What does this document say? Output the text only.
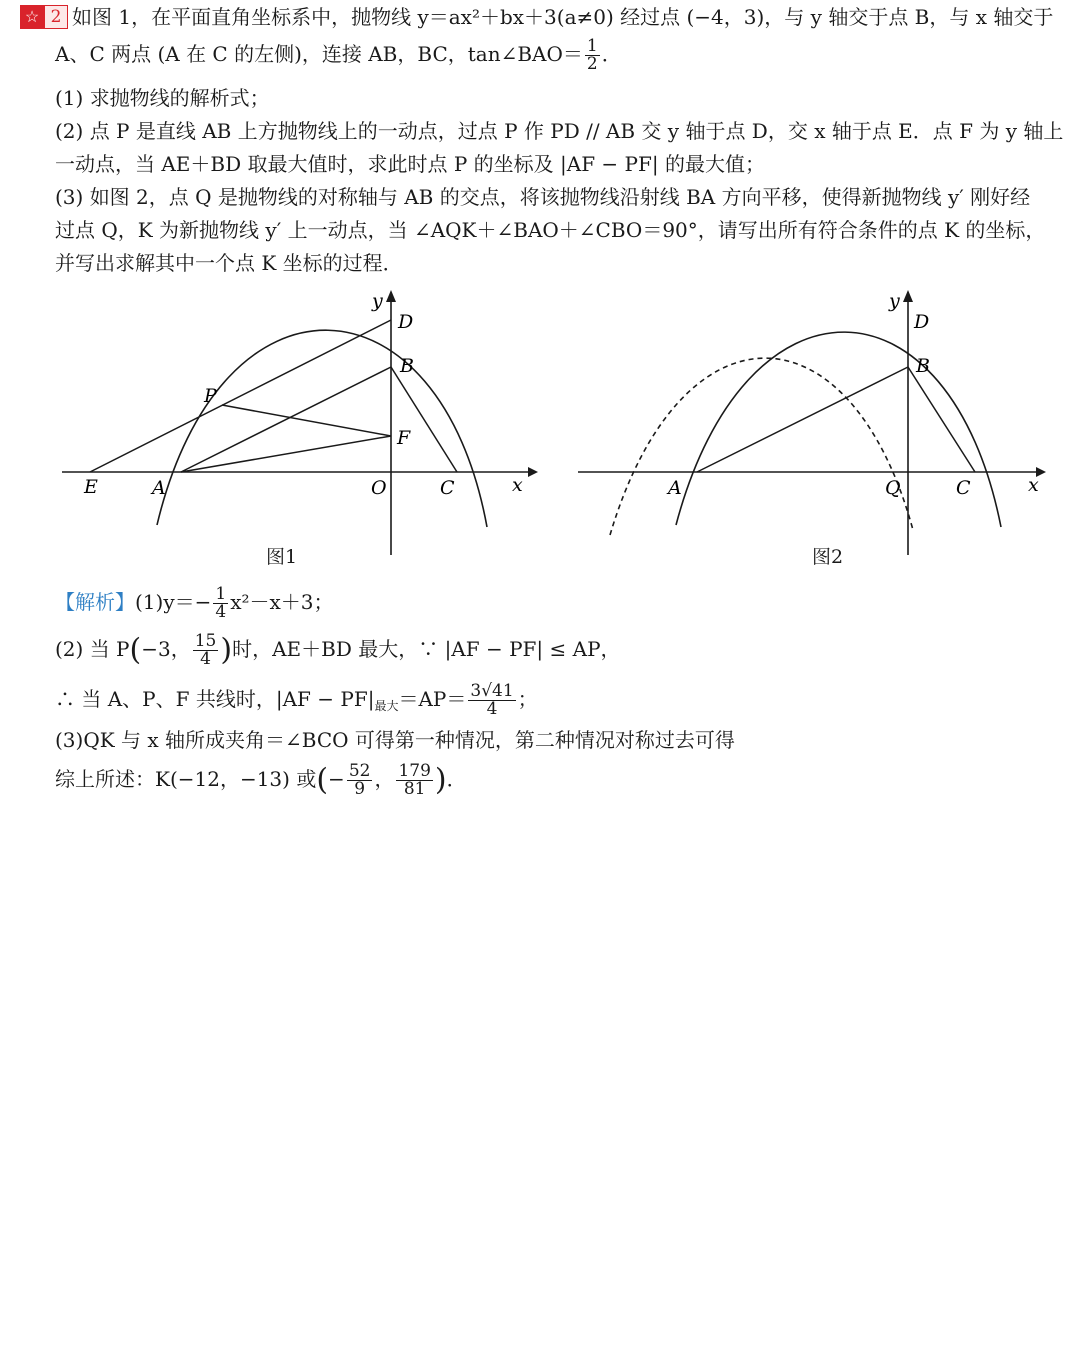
☆ 2 如图 1，在平面直角坐标系中，抛物线 y＝ax²＋bx＋3(a≠0) 经过点 (−4，3)，与 y 轴交于点 B，与 x 轴交于
A、C 两点 (A 在 C 的左侧)，连接 AB，BC，tan∠BAO＝ $\frac{1}{2}$ ．
(1) 求抛物线的解析式；
(2) 点 P 是直线 AB 上方抛物线上的一动点，过点 P 作 PD // AB 交 y 轴于点 D，交 x 轴于点 E．点 F 为 y 轴上
一动点，当 AE＋BD 取最大值时，求此时点 P 的坐标及 |AF − PF| 的最大值；
(3) 如图 2，点 Q 是抛物线的对称轴与 AB 的交点，将该抛物线沿射线 BA 方向平移，使得新抛物线 y′ 刚好经
过点 Q，K 为新抛物线 y′ 上一动点，当 ∠AQK＋∠BAO＋∠CBO＝90°，请写出所有符合条件的点 K 的坐标，
并写出求解其中一个点 K 坐标的过程．
y
x
D
B
P
F
E	A	O	C
图1
y
x
D
B
A	Q	C
图2
【解析】$(1)y=- \frac{1}{4} x^2-x+3$；
(2) 当 P(−3， $\frac{15}{4}$ )时，AE＋BD 最大，∵ |AF − PF| ≤ AP，
∴ 当 A、P、F 共线时，$|AF - PF|_{最大}=AP= \frac{3√41}{4}$ ；
(3)QK 与 x 轴所成夹角＝∠BCO 可得第一种情况，第二种情况对称过去可得
综上所述：K(−12，−13) 或(− $\frac{52}{9}$ ， $\frac{179}{81}$ )．
